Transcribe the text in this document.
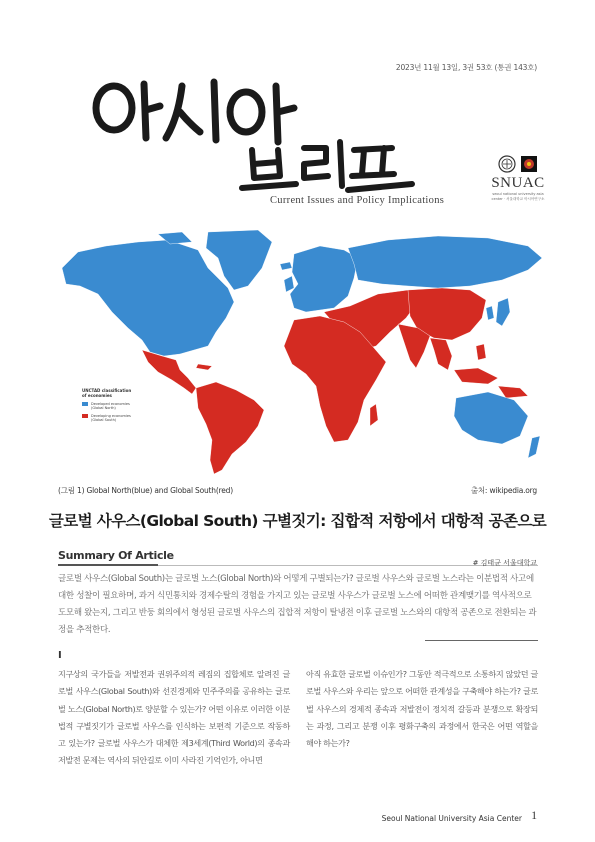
2023년 11월 13일, 3권 53호 (통권 143호)
Current Issues and Policy Implications
SNUAC
seoul national university asia center · 서울대학교 아시아연구소
UNCTAD classification
of economies
Developed economies
(Global North)
Developing economies
(Global South)
(그림 1) Global North(blue) and Global South(red)	출처: wikipedia.org
글로벌 사우스(Global South) 구별짓기: 집합적 저항에서 대항적 공존으로
Summary Of Article
# 김태균 서울대학교

글로벌 사우스(Global South)는 글로벌 노스(Global North)와 어떻게 구별되는가? 글로벌 사우스와 글로벌 노스라는 이분법적 사고에 대한 성찰이 필요하며, 과거 식민통치와 경제수탈의 경험을 가지고 있는 글로벌 사우스가 글로벌 노스에 어떠한 관계맺기를 역사적으로 도모해 왔는지, 그리고 반둥 회의에서 형성된 글로벌 사우스의 집합적 저항이 탈냉전 이후 글로벌 노스와의 대항적 공존으로 전환되는 과정을 추적한다.

I

지구상의 국가들을 저발전과 권위주의적 레짐의 집합체로 알려진 글로벌 사우스(Global South)와 선진경제와 민주주의를 공유하는 글로벌 노스(Global North)로 양분할 수 있는가? 어떤 이유로 이러한 이분법적 구별짓기가 글로벌 사우스를 인식하는 보편적 기준으로 작동하고 있는가? 글로벌 사우스가 대체한 제3세계(Third World)의 종속과 저발전 문제는 역사의 뒤안길로 이미 사라진 기억인가, 아니면

아직 유효한 글로벌 이슈인가? 그동안 적극적으로 소통하지 않았던 글로벌 사우스와 우리는 앞으로 어떠한 관계성을 구축해야 하는가? 글로벌 사우스의 경제적 종속과 저발전이 정치적 갈등과 분쟁으로 확장되는 과정, 그리고 분쟁 이후 평화구축의 과정에서 한국은 어떤 역할을 해야 하는가?

Seoul National University Asia Center 1
